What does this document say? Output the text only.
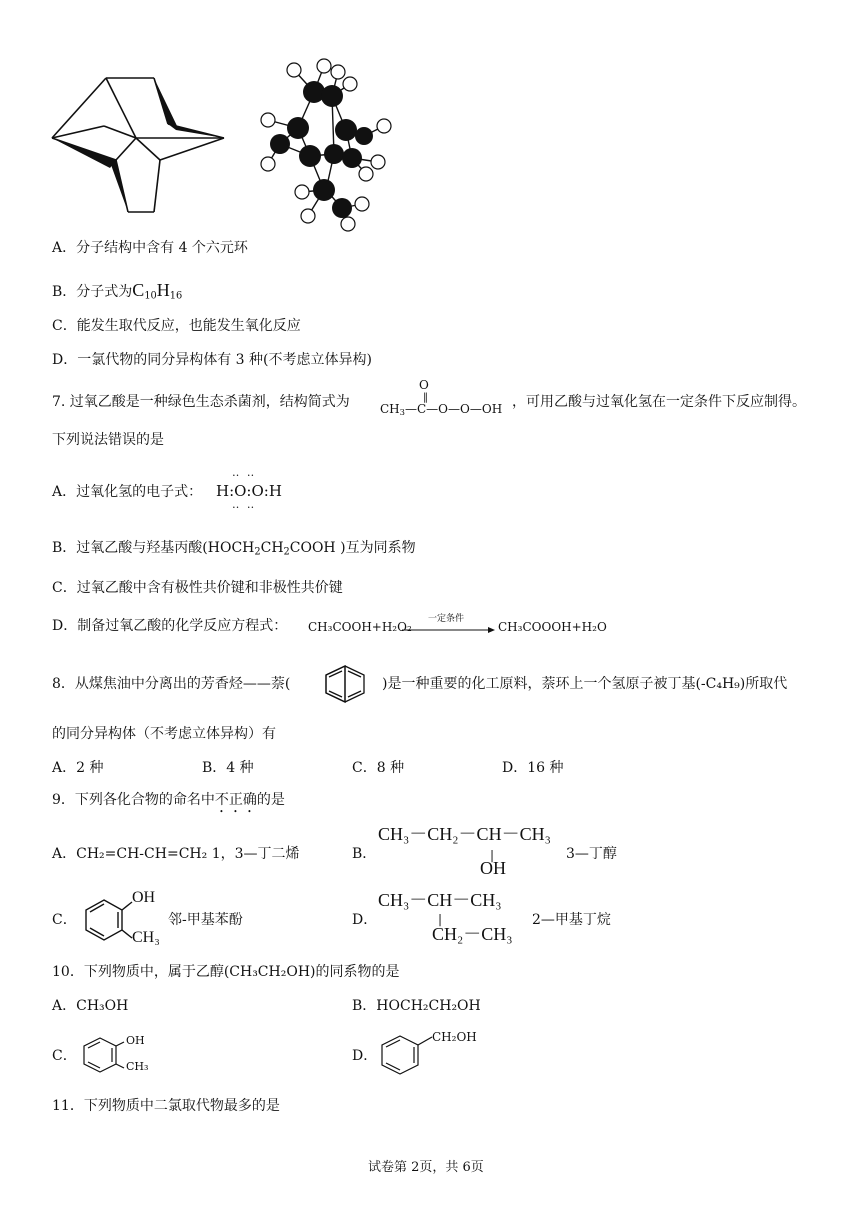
A．分子结构中含有 4 个六元环
B．分子式为$C_{10}H_{16}$
C．能发生取代反应，也能发生氧化反应
D．一氯代物的同分异构体有 3 种(不考虑立体异构)
7. 过氧乙酸是一种绿色生态杀菌剂，结构简式为
O
‖
$CH_3—C—O—O—OH$ ，可用乙酸与过氧化氢在一定条件下反应制得。
下列说法错误的是
A．过氧化氢的电子式：
‥ ‥
H:O:O:H
‥ ‥
B．过氧乙酸与羟基丙酸($HOCH_2CH_2COOH$ )互为同系物
C．过氧乙酸中含有极性共价键和非极性共价键
D．制备过氧乙酸的化学反应方程式： CH₃COOH+H₂O₂
一定条件
CH₃COOOH+H₂O
8．从煤焦油中分离出的芳香烃——萘(	)是一种重要的化工原料，萘环上一个氢原子被丁基(-C₄H₉)所取代
的同分异构体（不考虑立体异构）有
A．2 种	B．4 种	C．8 种	D．16 种
9．下列各化合物的命名中不正确的是
A．CH₂=CH-CH=CH₂ 1，3—丁二烯	B．
CH₃－CH₂－CH－CH₃
|
OH
3—丁醇
C．
OH
CH₃
邻-甲基苯酚	D．
CH₃－CH－CH₃
|
CH₂－CH₃
2—甲基丁烷
10．下列物质中，属于乙醇(CH₃CH₂OH)的同系物的是
A．CH₃OH	B．HOCH₂CH₂OH
C．
OH
CH₃
D．
CH₂OH
11．下列物质中二氯取代物最多的是
试卷第 2页，共 6页
